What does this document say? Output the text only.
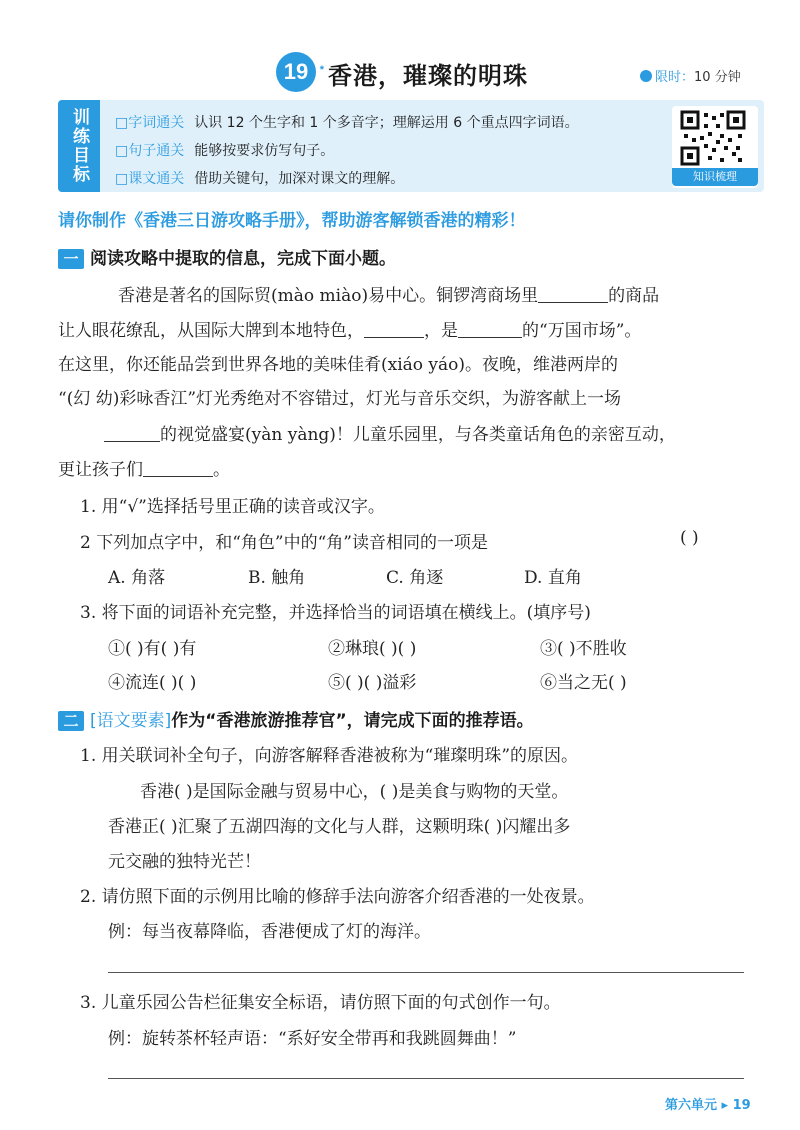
19 * 香港，璀璨的明珠	限时：10 分钟
训练目标	□字词通关 认识 12 个生字和 1 个多音字；理解运用 6 个重点四字词语。
□句子通关 能够按要求仿写句子。
□课文通关 借助关键句，加深对课文的理解。	知识梳理
请你制作《香港三日游攻略手册》，帮助游客解锁香港的精彩！
一 阅读攻略中提取的信息，完成下面小题。
香港是著名的国际贸(mào miào)易中心。铜锣湾商场里	的商品
让人眼花缭乱，从国际大牌到本地特色，	，是	的“万国市场”。
在这里，你还能品尝到世界各地的美味佳肴(xiáo yáo)。夜晚，维港两岸的
“(幻 幼)彩咏香江”灯光秀绝对不容错过，灯光与音乐交织，为游客献上一场
的视觉盛宴(yàn yàng)！儿童乐园里，与各类童话角色的亲密互动，
更让孩子们	。
1. 用“√”选择括号里正确的读音或汉字。
2 下列加点字中，和“角色”中的“角”读音相同的一项是	( )
A. 角落	B. 触角	C. 角逐	D. 直角
3. 将下面的词语补充完整，并选择恰当的词语填在横线上。(填序号)
①( )有( )有	②琳琅( )( )	③( )不胜收
④流连( )( )	⑤( )( )溢彩	⑥当之无( )
二 [语文要素]作为“香港旅游推荐官”，请完成下面的推荐语。
1. 用关联词补全句子，向游客解释香港被称为“璀璨明珠”的原因。
香港( )是国际金融与贸易中心，( )是美食与购物的天堂。
香港正( )汇聚了五湖四海的文化与人群，这颗明珠( )闪耀出多
元交融的独特光芒！
2. 请仿照下面的示例用比喻的修辞手法向游客介绍香港的一处夜景。
例：每当夜幕降临，香港便成了灯的海洋。
3. 儿童乐园公告栏征集安全标语，请仿照下面的句式创作一句。
例：旋转茶杯轻声语：“系好安全带再和我跳圆舞曲！”
第六单元 ▸ 19
